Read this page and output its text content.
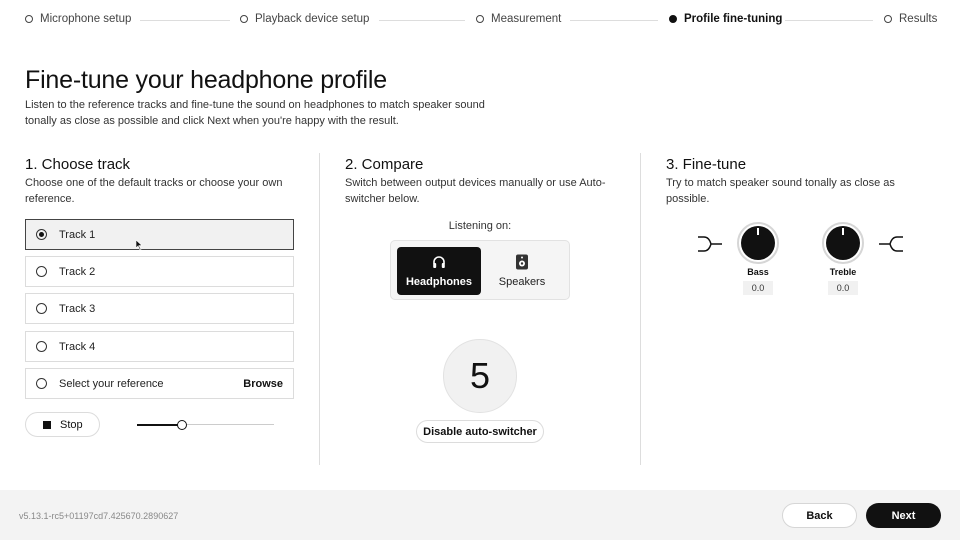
Microphone setup	Playback device setup	Measurement	Profile fine-tuning	Results
Fine-tune your headphone profile

Listen to the reference tracks and fine-tune the sound on headphones to match speaker sound tonally as close as possible and click Next when you're happy with the result.

1. Choose track
Choose one of the default tracks or choose your own reference.
Track 1
Track 2
Track 3
Track 4
Select your reference	Browse
Stop
2. Compare
Switch between output devices manually or use Auto-switcher below.
Listening on:
Headphones Speakers
5
Disable auto-switcher
3. Fine-tune
Try to match speaker sound tonally as close as possible.
Bass
0.0
Treble
0.0
v5.13.1-rc5+01197cd7.425670.2890627	Back	Next
